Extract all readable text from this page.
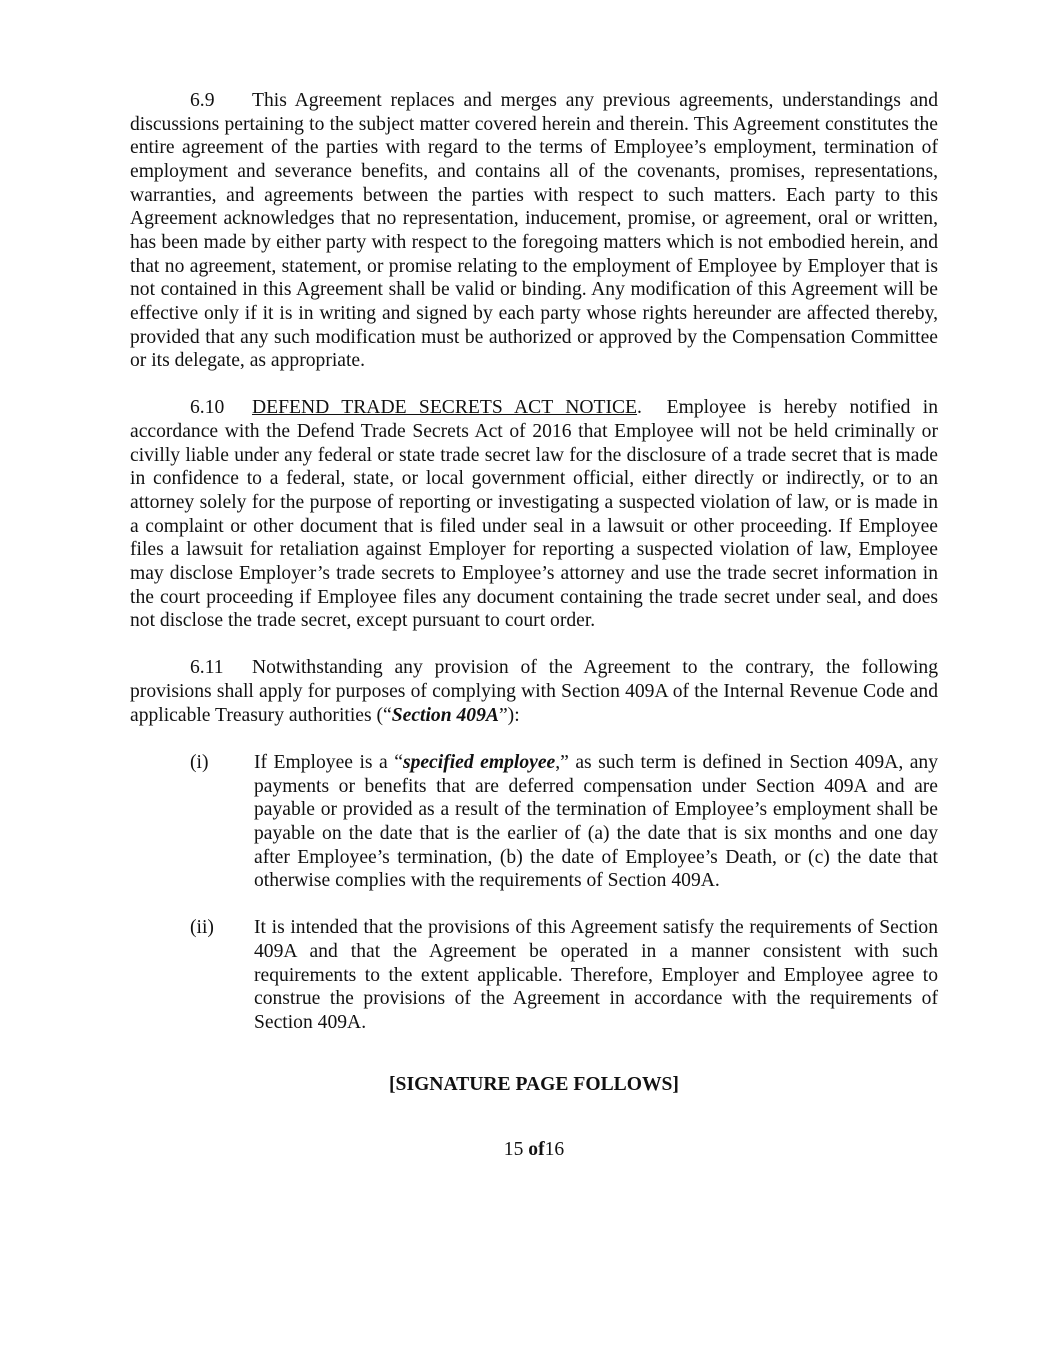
6.9 This Agreement replaces and merges any previous agreements, understandings and discussions pertaining to the subject matter covered herein and therein. This Agreement constitutes the entire agreement of the parties with regard to the terms of Employee’s employment, termination of employment and severance benefits, and contains all of the covenants, promises, representations, warranties, and agreements between the parties with respect to such matters. Each party to this Agreement acknowledges that no representation, inducement, promise, or agreement, oral or written, has been made by either party with respect to the foregoing matters which is not embodied herein, and that no agreement, statement, or promise relating to the employment of Employee by Employer that is not contained in this Agreement shall be valid or binding. Any modification of this Agreement will be effective only if it is in writing and signed by each party whose rights hereunder are affected thereby, provided that any such modification must be authorized or approved by the Compensation Committee or its delegate, as appropriate.

6.10 DEFEND TRADE SECRETS ACT NOTICE. Employee is hereby notified in accordance with the Defend Trade Secrets Act of 2016 that Employee will not be held criminally or civilly liable under any federal or state trade secret law for the disclosure of a trade secret that is made in confidence to a federal, state, or local government official, either directly or indirectly, or to an attorney solely for the purpose of reporting or investigating a suspected violation of law, or is made in a complaint or other document that is filed under seal in a lawsuit or other proceeding. If Employee files a lawsuit for retaliation against Employer for reporting a suspected violation of law, Employee may disclose Employer’s trade secrets to Employee’s attorney and use the trade secret information in the court proceeding if Employee files any document containing the trade secret under seal, and does not disclose the trade secret, except pursuant to court order.

6.11 Notwithstanding any provision of the Agreement to the contrary, the following provisions shall apply for purposes of complying with Section 409A of the Internal Revenue Code and applicable Treasury authorities (“Section 409A”):

(i) If Employee is a “specified employee,” as such term is defined in Section 409A, any payments or benefits that are deferred compensation under Section 409A and are payable or provided as a result of the termination of Employee’s employment shall be payable on the date that is the earlier of (a) the date that is six months and one day after Employee’s termination, (b) the date of Employee’s Death, or (c) the date that otherwise complies with the requirements of Section 409A.
(ii) It is intended that the provisions of this Agreement satisfy the requirements of Section 409A and that the Agreement be operated in a manner consistent with such requirements to the extent applicable. Therefore, Employer and Employee agree to construe the provisions of the Agreement in accordance with the requirements of Section 409A.
[SIGNATURE PAGE FOLLOWS]
15 of16
